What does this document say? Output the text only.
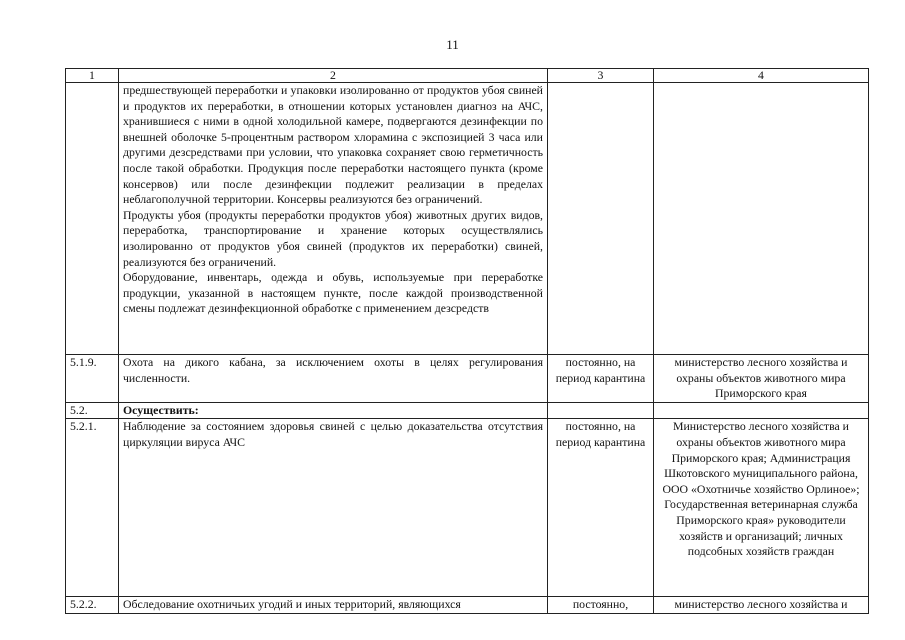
11
1	2	3	4

	предшествующей переработки и упаковки изолированно от продуктов убоя свиней и продуктов их переработки, в отношении которых установлен диагноз на АЧС, хранившиеся с ними в одной холодильной камере, подвергаются дезинфекции по внешней оболочке 5-процентным раствором хлорамина с экспозицией 3 часа или другими дезсредствами при условии, что упаковка сохраняет свою герметичность после такой обработки. Продукция после переработки настоящего пункта (кроме консервов) или после дезинфекции подлежит реализации в пределах неблагополучной территории. Консервы реализуются без ограничений.
Продукты убоя (продукты переработки продуктов убоя) животных других видов, переработка, транспортирование и хранение которых осуществлялись изолированно от продуктов убоя свиней (продуктов их переработки) свиней, реализуются без ограничений.
Оборудование, инвентарь, одежда и обувь, используемые при переработке продукции, указанной в настоящем пункте, после каждой производственной смены подлежат дезинфекционной обработке с применением дезсредств		

5.1.9.	Охота на дикого кабана, за исключением охоты в целях регулирования численности.	постоянно, на период карантина	министерство лесного хозяйства и охраны объектов животного мира Приморского края
5.2.	Осуществить:		

5.2.1.	Наблюдение за состоянием здоровья свиней с целью доказательства отсутствия циркуляции вируса АЧС	постоянно, на период карантина	Министерство лесного хозяйства и охраны объектов животного мира Приморского края; Администрация Шкотовского муниципального района, ООО «Охотничье хозяйство Орлиное»; Государственная ветеринарная служба Приморского края» руководители хозяйств и организаций; личных подсобных хозяйств граждан
5.2.2.	Обследование охотничьих угодий и иных территорий, являющихся	постоянно,	министерство лесного хозяйства и
